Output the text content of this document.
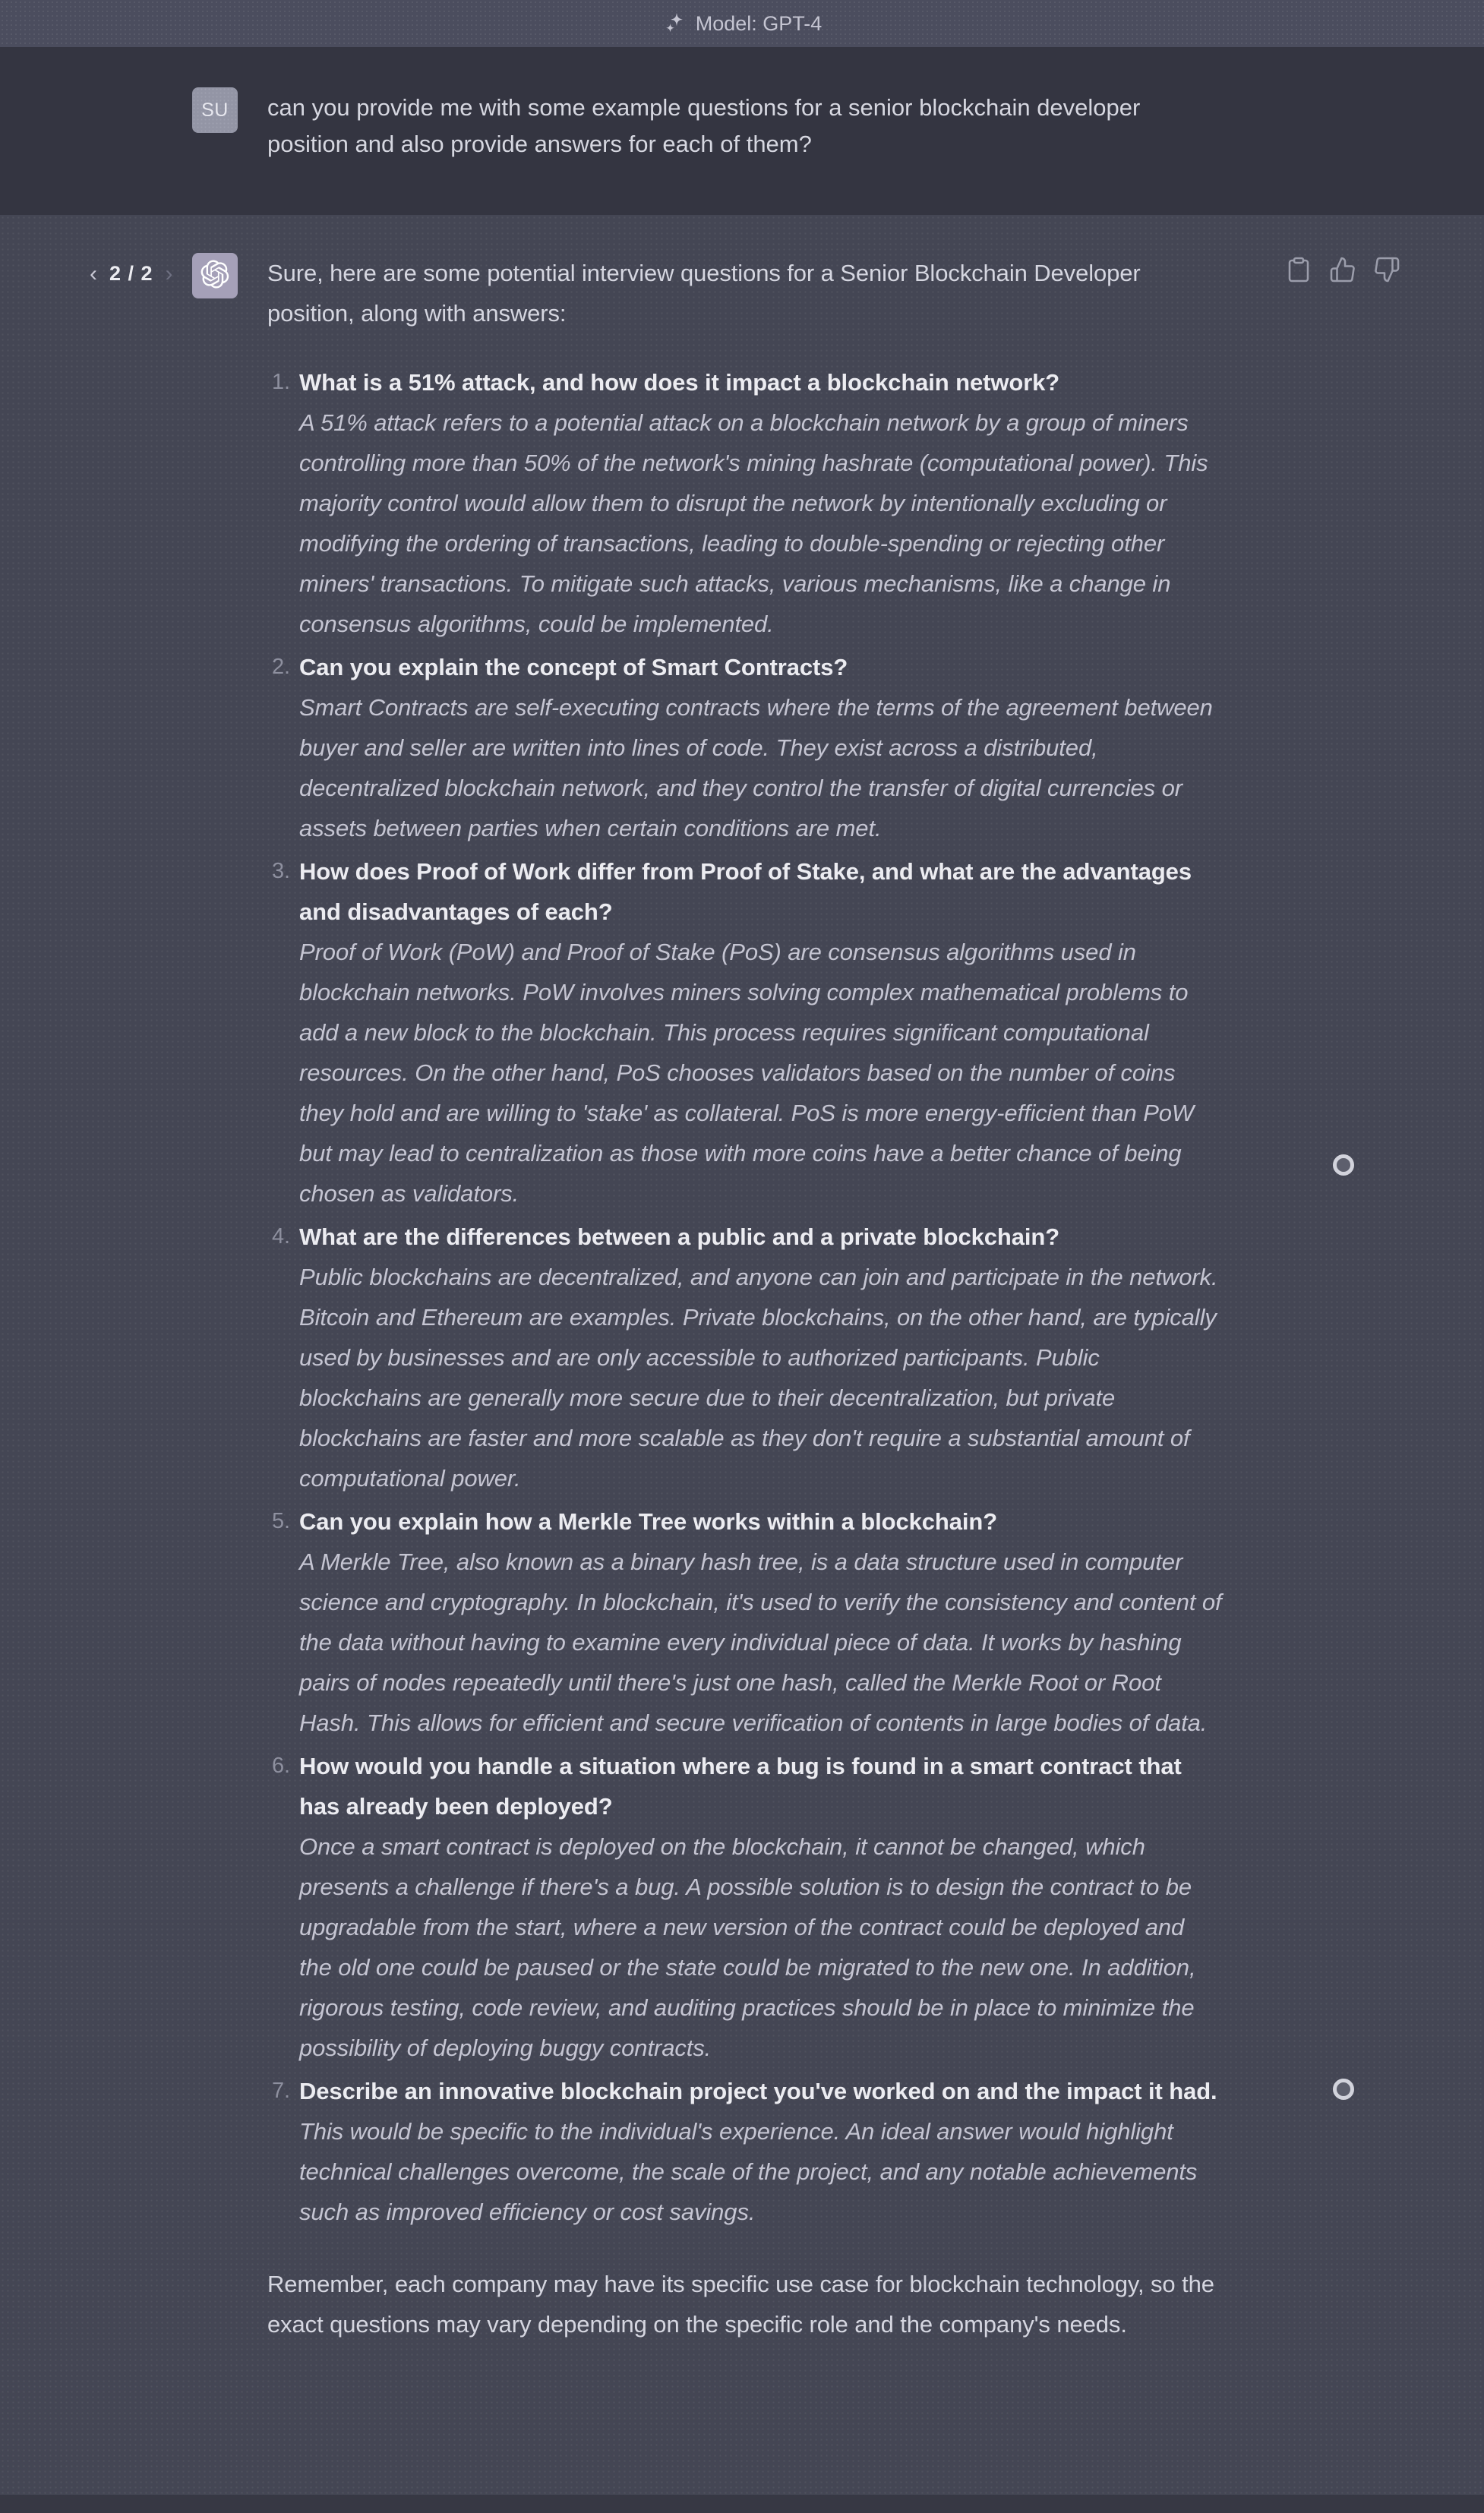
Model: GPT-4
SU can you provide me with some example questions for a senior blockchain developer position and also provide answers for each of them?
‹ 2 / 2 ›	Sure, here are some potential interview questions for a Senior Blockchain Developer position, along with answers:

1. What is a 51% attack, and how does it impact a blockchain network?

A 51% attack refers to a potential attack on a blockchain network by a group of miners controlling more than 50% of the network's mining hashrate (computational power). This majority control would allow them to disrupt the network by intentionally excluding or modifying the ordering of transactions, leading to double-spending or rejecting other miners' transactions. To mitigate such attacks, various mechanisms, like a change in consensus algorithms, could be implemented.

2. Can you explain the concept of Smart Contracts?

Smart Contracts are self-executing contracts where the terms of the agreement between buyer and seller are written into lines of code. They exist across a distributed, decentralized blockchain network, and they control the transfer of digital currencies or assets between parties when certain conditions are met.

3. How does Proof of Work differ from Proof of Stake, and what are the advantages and disadvantages of each?

Proof of Work (PoW) and Proof of Stake (PoS) are consensus algorithms used in blockchain networks. PoW involves miners solving complex mathematical problems to add a new block to the blockchain. This process requires significant computational resources. On the other hand, PoS chooses validators based on the number of coins they hold and are willing to 'stake' as collateral. PoS is more energy-efficient than PoW but may lead to centralization as those with more coins have a better chance of being chosen as validators.

4. What are the differences between a public and a private blockchain?

Public blockchains are decentralized, and anyone can join and participate in the network. Bitcoin and Ethereum are examples. Private blockchains, on the other hand, are typically used by businesses and are only accessible to authorized participants. Public blockchains are generally more secure due to their decentralization, but private blockchains are faster and more scalable as they don't require a substantial amount of computational power.

5. Can you explain how a Merkle Tree works within a blockchain?

A Merkle Tree, also known as a binary hash tree, is a data structure used in computer science and cryptography. In blockchain, it's used to verify the consistency and content of the data without having to examine every individual piece of data. It works by hashing pairs of nodes repeatedly until there's just one hash, called the Merkle Root or Root Hash. This allows for efficient and secure verification of contents in large bodies of data.

6. How would you handle a situation where a bug is found in a smart contract that has already been deployed?

Once a smart contract is deployed on the blockchain, it cannot be changed, which presents a challenge if there's a bug. A possible solution is to design the contract to be upgradable from the start, where a new version of the contract could be deployed and the old one could be paused or the state could be migrated to the new one. In addition, rigorous testing, code review, and auditing practices should be in place to minimize the possibility of deploying buggy contracts.

7. Describe an innovative blockchain project you've worked on and the impact it had.

This would be specific to the individual's experience. An ideal answer would highlight technical challenges overcome, the scale of the project, and any notable achievements such as improved efficiency or cost savings.

Remember, each company may have its specific use case for blockchain technology, so the exact questions may vary depending on the specific role and the company's needs.
